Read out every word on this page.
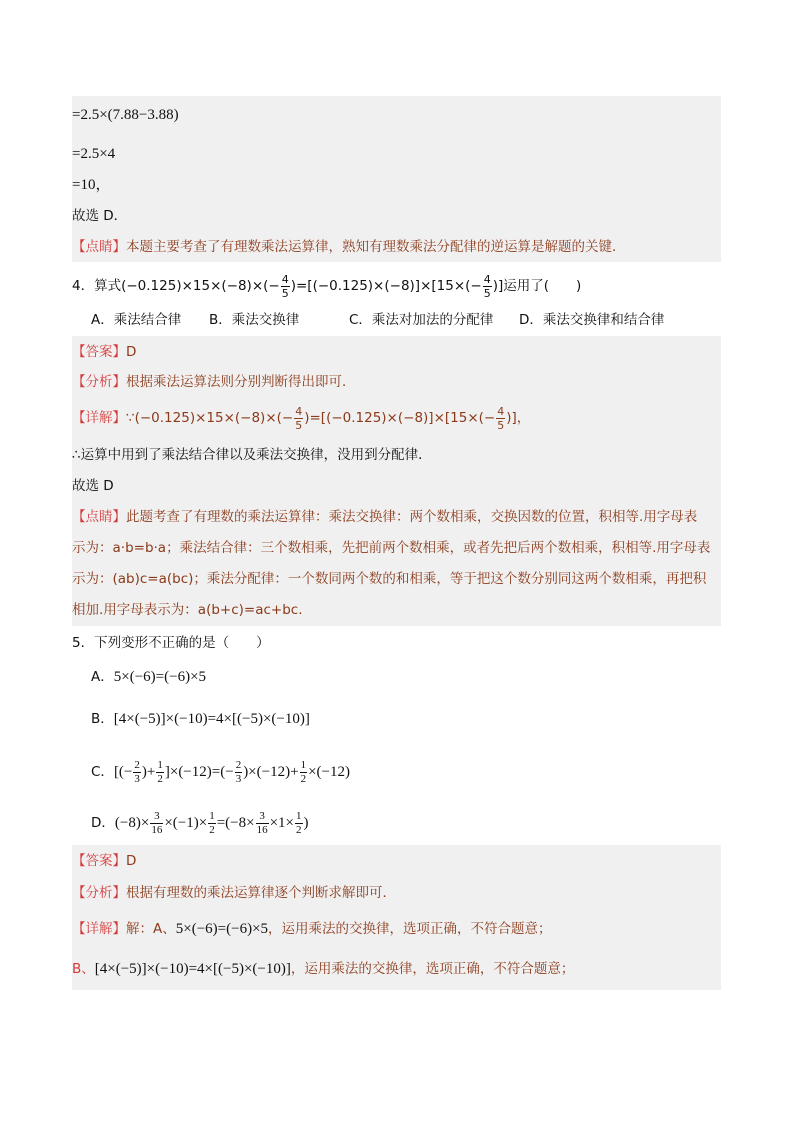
=2.5×(7.88−3.88)
=2.5×4
=10，
故选 D．
【点睛】本题主要考查了有理数乘法运算律，熟知有理数乘法分配律的逆运算是解题的关键．
4．算式$(-0.125)\times 15\times(-8)\times(- \frac{4}{5} )=[(-0.125)\times(-8)]\times[15\times(- \frac{4}{5}$ )]运用了(　　)
A．乘法结合律 B．乘法交换律	C．乘法对加法的分配律 D．乘法交换律和结合律
【答案】D
【分析】根据乘法运算法则分别判断得出即可．
【详解】∵(−0.125)×15×(−8)×(− $\frac{4}{5} )=[(-0.125)\times(-8)]\times[15\times(- \frac{4}{5}$ )]，
∴运算中用到了乘法结合律以及乘法交换律，没用到分配律．
故选 D
【点睛】此题考查了有理数的乘法运算律：乘法交换律：两个数相乘，交换因数的位置，积相等.用字母表
示为：a·b=b·a；乘法结合律：三个数相乘，先把前两个数相乘，或者先把后两个数相乘，积相等.用字母表
示为：(ab)c=a(bc)；乘法分配律：一个数同两个数的和相乘，等于把这个数分别同这两个数相乘，再把积
相加.用字母表示为：a(b+c)=ac+bc.
5．下列变形不正确的是（　　）
A．5×(−6)=(−6)×5
B．[4×(−5)]×(−10)=4×[(−5)×(−10)]
C．[(− $\frac{2}{3}$ )+ $\frac{1}{2} ]\times(-12)=(- \frac{2}{3} )\times(-12)+ \frac{1}{2} \times(-12)$
D．$(-8)\times \frac{3}{16} \times(-1)\times \frac{1}{2} =(-8\times \frac{3}{16} \times 1\times \frac{1}{2}$ )
【答案】D
【分析】根据有理数的乘法运算律逐个判断求解即可．
【详解】解：A、5×(−6)=(−6)×5，运用乘法的交换律，选项正确，不符合题意；
B、[4×(−5)]×(−10)=4×[(−5)×(−10)]，运用乘法的交换律，选项正确，不符合题意；
